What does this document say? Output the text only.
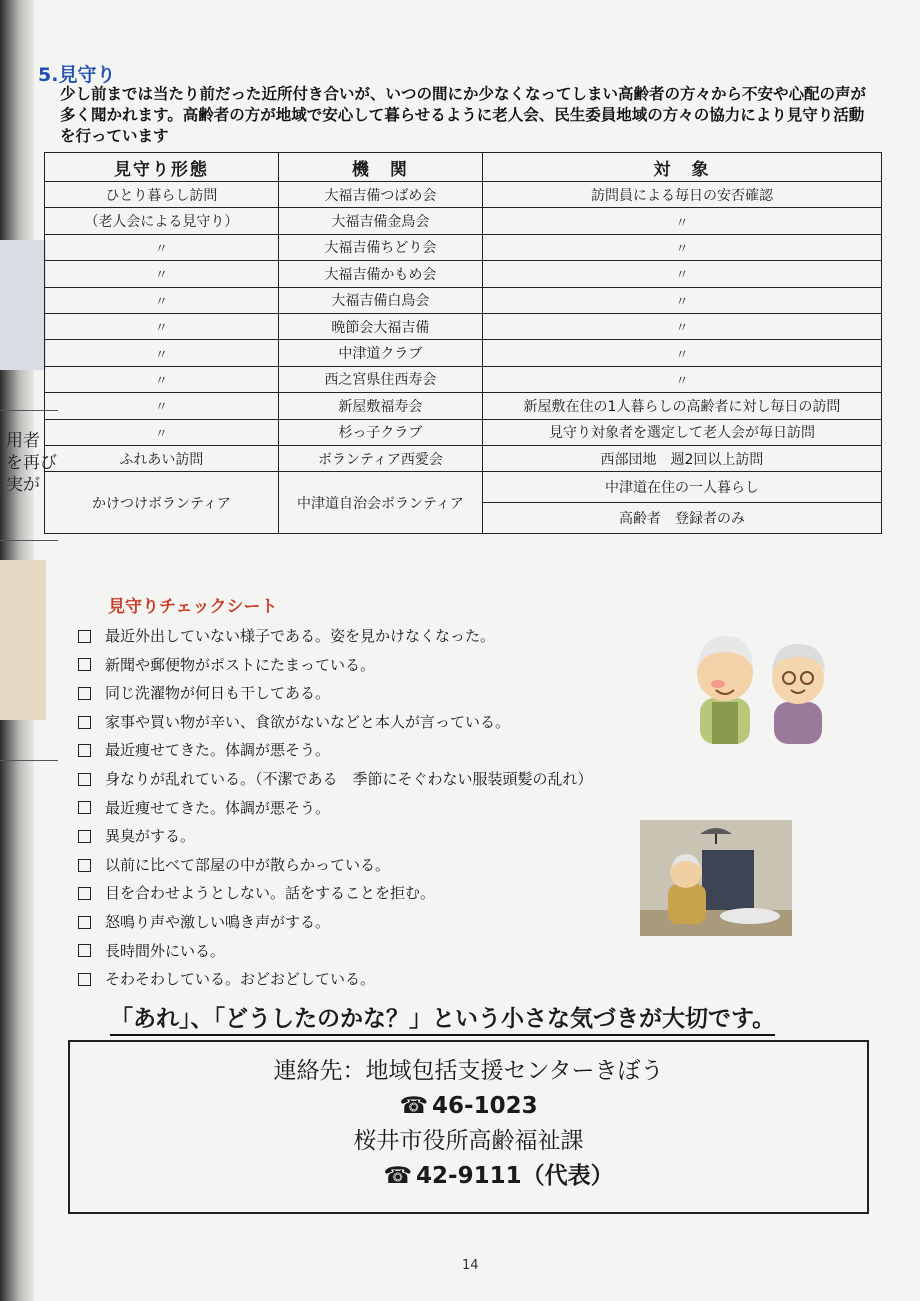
用者
を再び
実が
5.見守り
少し前までは当たり前だった近所付き合いが、いつの間にか少なくなってしまい高齢者の方々から不安や心配の声が多く聞かれます。高齢者の方が地域で安心して暮らせるように老人会、民生委員地域の方々の協力により見守り活動を行っています
見守り形態	機　関	対　象
ひとり暮らし訪問	大福吉備つばめ会	訪問員による毎日の安否確認
（老人会による見守り）	大福吉備金鳥会	〃
〃	大福吉備ちどり会	〃
〃	大福吉備かもめ会	〃
〃	大福吉備白鳥会	〃
〃	晩節会大福吉備	〃
〃	中津道クラブ	〃
〃	西之宮県住西寿会	〃
〃	新屋敷福寿会	新屋敷在住の1人暮らしの高齢者に対し毎日の訪問
〃	杉っ子クラブ	見守り対象者を選定して老人会が毎日訪問
ふれあい訪問	ボランティア西愛会	西部団地　週2回以上訪問
かけつけボランティア	中津道自治会ボランティア	中津道在住の一人暮らし
		高齢者　登録者のみ
見守りチェックシート
最近外出していない様子である。姿を見かけなくなった。
新聞や郵便物がポストにたまっている。
同じ洗濯物が何日も干してある。
家事や買い物が辛い、食欲がないなどと本人が言っている。
最近痩せてきた。体調が悪そう。
身なりが乱れている。（不潔である　季節にそぐわない服装頭髪の乱れ）
最近痩せてきた。体調が悪そう。
異臭がする。
以前に比べて部屋の中が散らかっている。
目を合わせようとしない。話をすることを拒む。
怒鳴り声や激しい鳴き声がする。
長時間外にいる。
そわそわしている。おどおどしている。
「あれ」、「どうしたのかな？」という小さな気づきが大切です。
連絡先：地域包括支援センターきぼう
☎ 46-1023
桜井市役所高齢福祉課
☎ 42-9111（代表）
14
